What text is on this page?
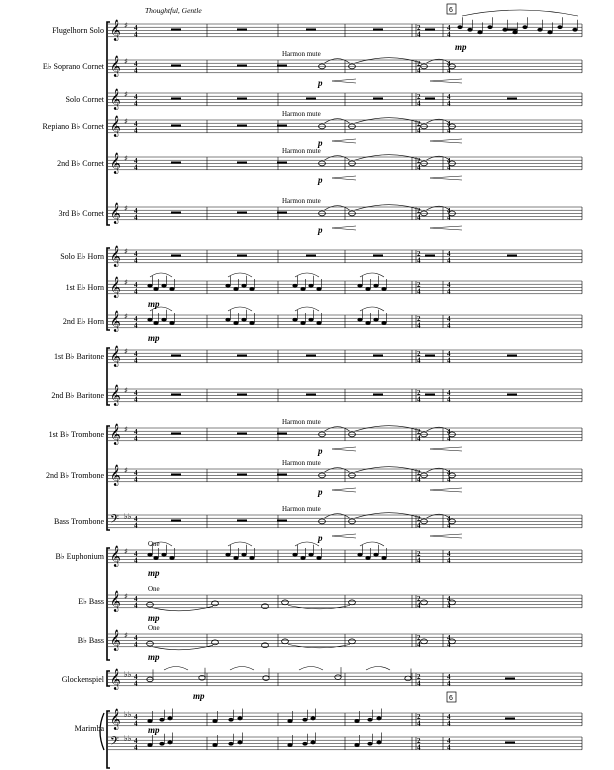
Thoughtful, Gentle	6
6
Flugelhorn Solo
E♭ Soprano Cornet
Solo Cornet
Repiano B♭ Cornet
2nd B♭ Cornet
3rd B♭ Cornet
Solo E♭ Horn
1st E♭ Horn
2nd E♭ Horn
1st B♭ Baritone
2nd B♭ Baritone
1st B♭ Trombone
2nd B♭ Trombone
Bass Trombone
B♭ Euphonium
E♭ Bass
B♭ Bass
Glockenspiel
Marimba
𝄞 ♯ 4
4
2
4
4
4
mp
𝄞 ♯ 4
4
2
4
4
4
Harmon mute
p
𝄞 ♯ 4
4
2
4
4
4
𝄞 ♯ 4
4
2
4
4
4
Harmon mute
p
𝄞 ♯ 4
4
2
4
4
4
Harmon mute
p
𝄞 ♯ 4
4
2
4
4
4
Harmon mute
p
𝄞 ♯ 4
4
2
4
4
4
𝄞 ♯ 4
4
2
4
4
4
mp
𝄞 ♯ 4
4
2
4
4
4
mp
𝄞 ♯ 4
4
2
4
4
4
𝄞 ♯ 4
4
2
4
4
4
𝄞 ♯ 4
4
2
4
4
4
Harmon mute
p
𝄞 ♯ 4
4
2
4
4
4
Harmon mute
p
𝄢 ♭♭ 4
4
2
4
4
4
Harmon mute
p
𝄞 ♯ 4
4
2
4
4
4
One
mp
𝄞 ♯ 4
4
2
4
4
4
One
mp
𝄞 ♯ 4
4
2
4
4
4
One
mp
𝄞 ♭♭ 4
4
2
4
4
4
mp
𝄞 ♭♭ 4
4
2
4
4
4
𝄢 ♭♭ 4
4
2
4
4
4
mp
